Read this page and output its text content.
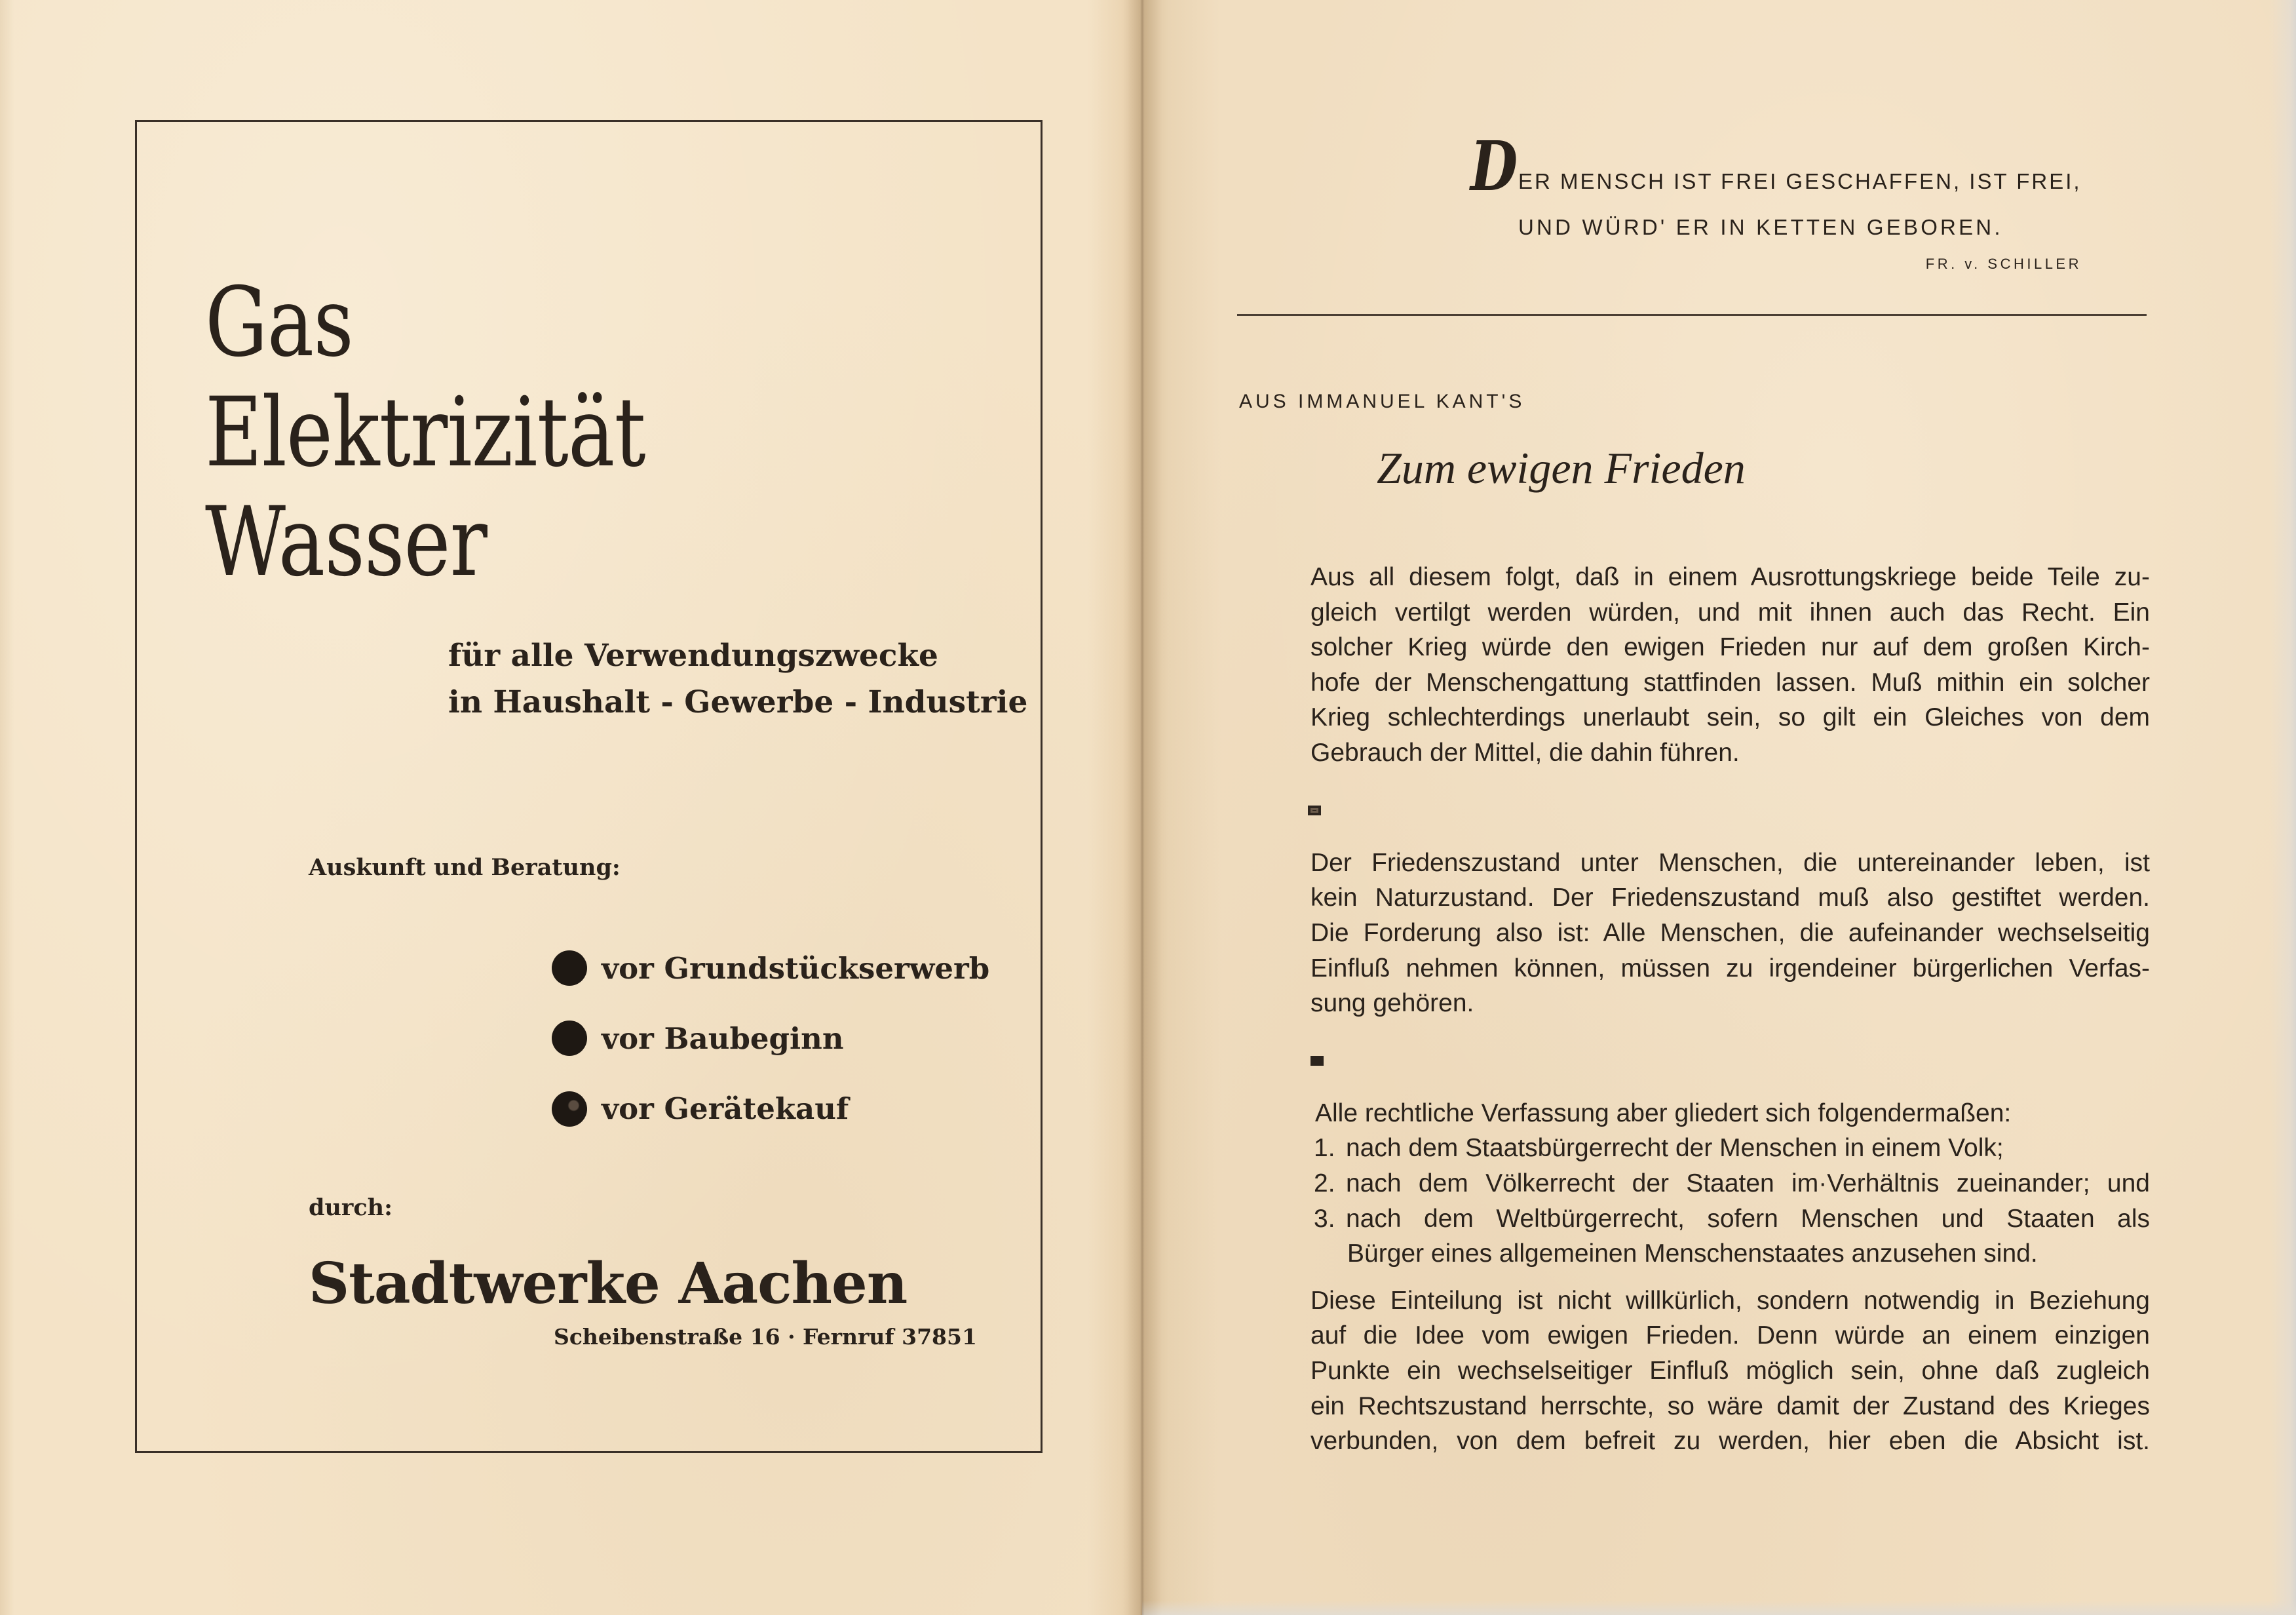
Gas
Elektrizität
Wasser
für alle Verwendungszwecke
in Haushalt - Gewerbe - Industrie
Auskunft und Beratung:
vor Grundstückserwerb
vor Baubeginn
vor Gerätekauf
durch:
Stadtwerke Aachen
Scheibenstraße 16 · Fernruf 37851
D ER MENSCH IST FREI GESCHAFFEN, IST FREI,
UND WÜRD' ER IN KETTEN GEBOREN.
FR. v. SCHILLER
AUS IMMANUEL KANT'S
Zum ewigen Frieden
Aus all diesem folgt, daß in einem Ausrottungskriege beide Teile zu-
gleich vertilgt werden würden, und mit ihnen auch das Recht. Ein
solcher Krieg würde den ewigen Frieden nur auf dem großen Kirch-
hofe der Menschengattung stattfinden lassen. Muß mithin ein solcher
Krieg schlechterdings unerlaubt sein, so gilt ein Gleiches von dem
Gebrauch der Mittel, die dahin führen.
Der Friedenszustand unter Menschen, die untereinander leben, ist
kein Naturzustand. Der Friedenszustand muß also gestiftet werden.
Die Forderung also ist: Alle Menschen, die aufeinander wechselseitig
Einfluß nehmen können, müssen zu irgendeiner bürgerlichen Verfas-
sung gehören.
Alle rechtliche Verfassung aber gliedert sich folgendermaßen:
1. nach dem Staatsbürgerrecht der Menschen in einem Volk;
2. nach dem Völkerrecht der Staaten im·Verhältnis zueinander; und
3. nach dem Weltbürgerrecht, sofern Menschen und Staaten als
Bürger eines allgemeinen Menschenstaates anzusehen sind.
Diese Einteilung ist nicht willkürlich, sondern notwendig in Beziehung
auf die Idee vom ewigen Frieden. Denn würde an einem einzigen
Punkte ein wechselseitiger Einfluß möglich sein, ohne daß zugleich
ein Rechtszustand herrschte, so wäre damit der Zustand des Krieges
verbunden, von dem befreit zu werden, hier eben die Absicht ist.
